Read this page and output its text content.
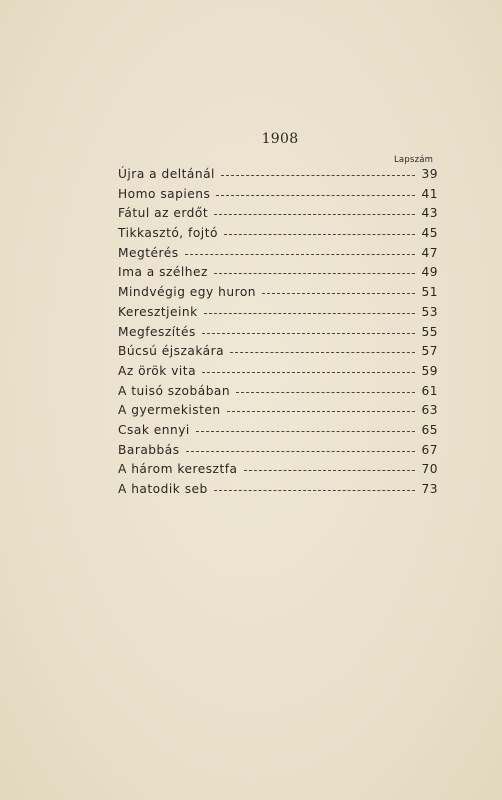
1908
Lapszám
Újra a deltánál	39
Homo sapiens	41
Fátul az erdőt	43
Tikkasztó, fojtó	45
Megtérés	47
Ima a szélhez	49
Mindvégig egy huron	51
Keresztjeink	53
Megfeszítés	55
Búcsú éjszakára	57
Az örök vita	59
A tuisó szobában	61
A gyermekisten	63
Csak ennyi	65
Barabbás	67
A három keresztfa	70
A hatodik seb	73
